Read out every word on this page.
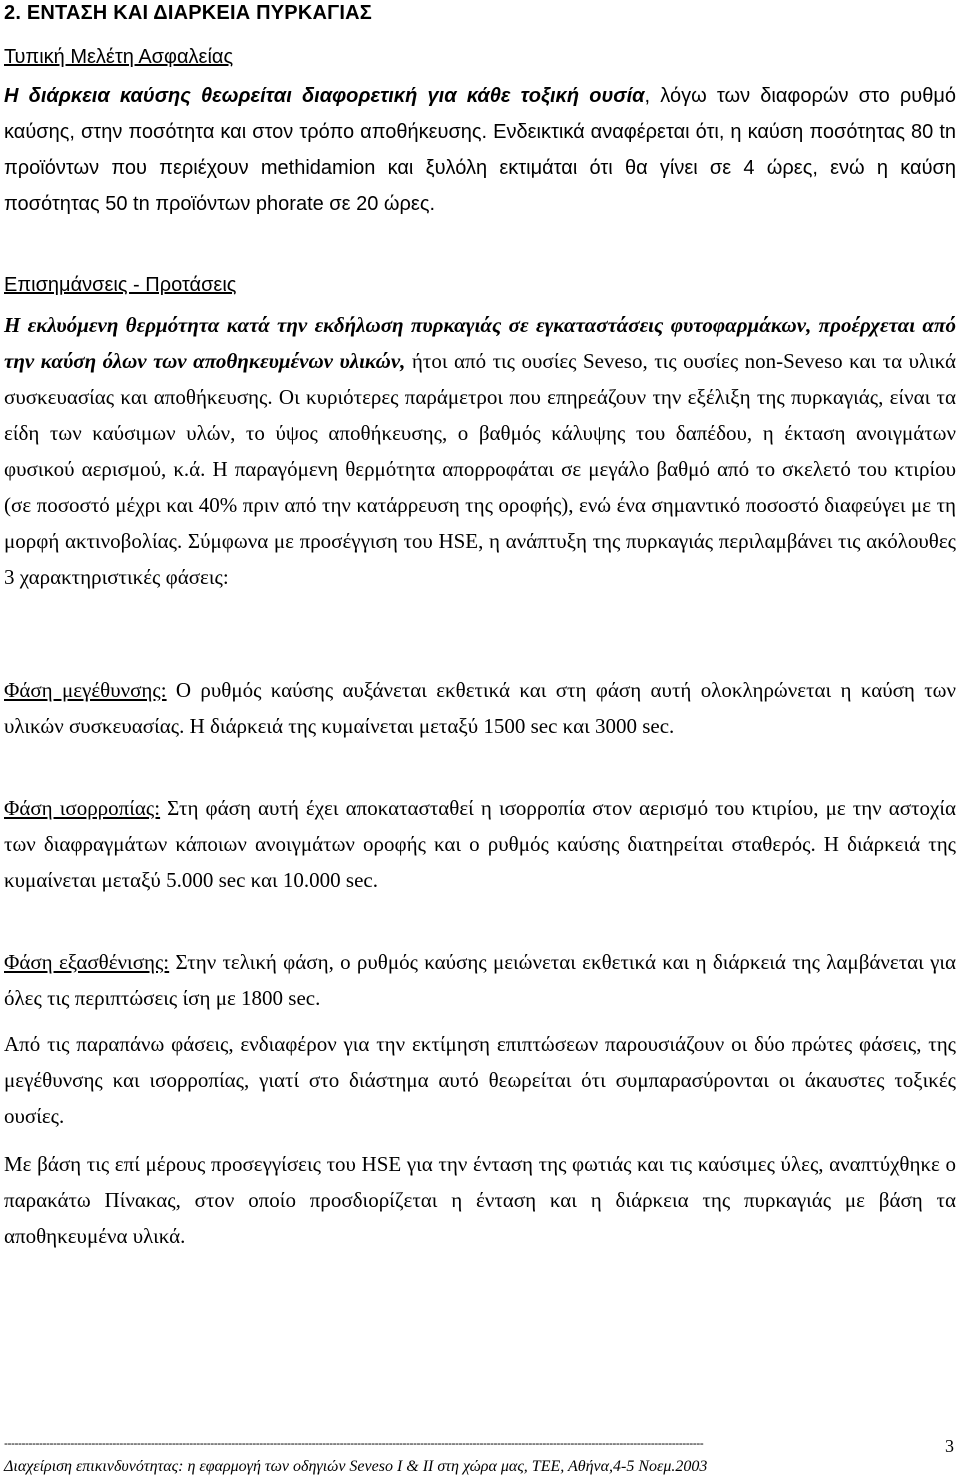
2. ΕΝΤΑΣΗ ΚΑΙ ΔΙΑΡΚΕΙΑ ΠΥΡΚΑΓΙΑΣ
Τυπική Μελέτη Ασφαλείας
Η διάρκεια καύσης θεωρείται διαφορετική για κάθε τοξική ουσία, λόγω των διαφορών στο ρυθμό καύσης, στην ποσότητα και στον τρόπο αποθήκευσης. Ενδεικτικά αναφέρεται ότι, η καύση ποσότητας 80 tn προϊόντων που περιέχουν methidamion και ξυλόλη εκτιμάται ότι θα γίνει σε 4 ώρες, ενώ η καύση ποσότητας 50 tn προϊόντων phorate σε 20 ώρες.
Επισημάνσεις - Προτάσεις
Η εκλυόμενη θερμότητα κατά την εκδήλωση πυρκαγιάς σε εγκαταστάσεις φυτοφαρμάκων, προέρχεται από την καύση όλων των αποθηκευμένων υλικών, ήτοι από τις ουσίες Seveso, τις ουσίες non-Seveso και τα υλικά συσκευασίας και αποθήκευσης. Οι κυριότερες παράμετροι που επηρεάζουν την εξέλιξη της πυρκαγιάς, είναι τα είδη των καύσιμων υλών, το ύψος αποθήκευσης, ο βαθμός κάλυψης του δαπέδου, η έκταση ανοιγμάτων φυσικού αερισμού, κ.ά. Η παραγόμενη θερμότητα απορροφάται σε μεγάλο βαθμό από το σκελετό του κτιρίου (σε ποσοστό μέχρι και 40% πριν από την κατάρρευση της οροφής), ενώ ένα σημαντικό ποσοστό διαφεύγει με τη μορφή ακτινοβολίας. Σύμφωνα με προσέγγιση του HSE, η ανάπτυξη της πυρκαγιάς περιλαμβάνει τις ακόλουθες 3 χαρακτηριστικές φάσεις:
Φάση μεγέθυνσης: Ο ρυθμός καύσης αυξάνεται εκθετικά και στη φάση αυτή ολοκληρώνεται η καύση των υλικών συσκευασίας. Η διάρκειά της κυμαίνεται μεταξύ 1500 sec και 3000 sec.
Φάση ισορροπίας: Στη φάση αυτή έχει αποκατασταθεί η ισορροπία στον αερισμό του κτιρίου, με την αστοχία των διαφραγμάτων κάποιων ανοιγμάτων οροφής και ο ρυθμός καύσης διατηρείται σταθερός. Η διάρκειά της κυμαίνεται μεταξύ 5.000 sec και 10.000 sec.
Φάση εξασθένισης: Στην τελική φάση, ο ρυθμός καύσης μειώνεται εκθετικά και η διάρκειά της λαμβάνεται για όλες τις περιπτώσεις ίση με 1800 sec.
Από τις παραπάνω φάσεις, ενδιαφέρον για την εκτίμηση επιπτώσεων παρουσιάζουν οι δύο πρώτες φάσεις, της μεγέθυνσης και ισορροπίας, γιατί στο διάστημα αυτό θεωρείται ότι συμπαρασύρονται οι άκαυστες τοξικές ουσίες.
Με βάση τις επί μέρους προσεγγίσεις του HSE για την ένταση της φωτιάς και τις καύσιμες ύλες, αναπτύχθηκε ο παρακάτω Πίνακας, στον οποίο προσδιορίζεται η ένταση και η διάρκεια της πυρκαγιάς με βάση τα αποθηκευμένα υλικά.
--------------------------------------------------------------------------------------------------------------------------------------------------------------------------------------------------------	3
Διαχείριση επικινδυνότητας: η εφαρμογή των οδηγιών Seveso I & II στη χώρα μας, ΤΕΕ, Αθήνα,4-5 Νοεμ.2003
